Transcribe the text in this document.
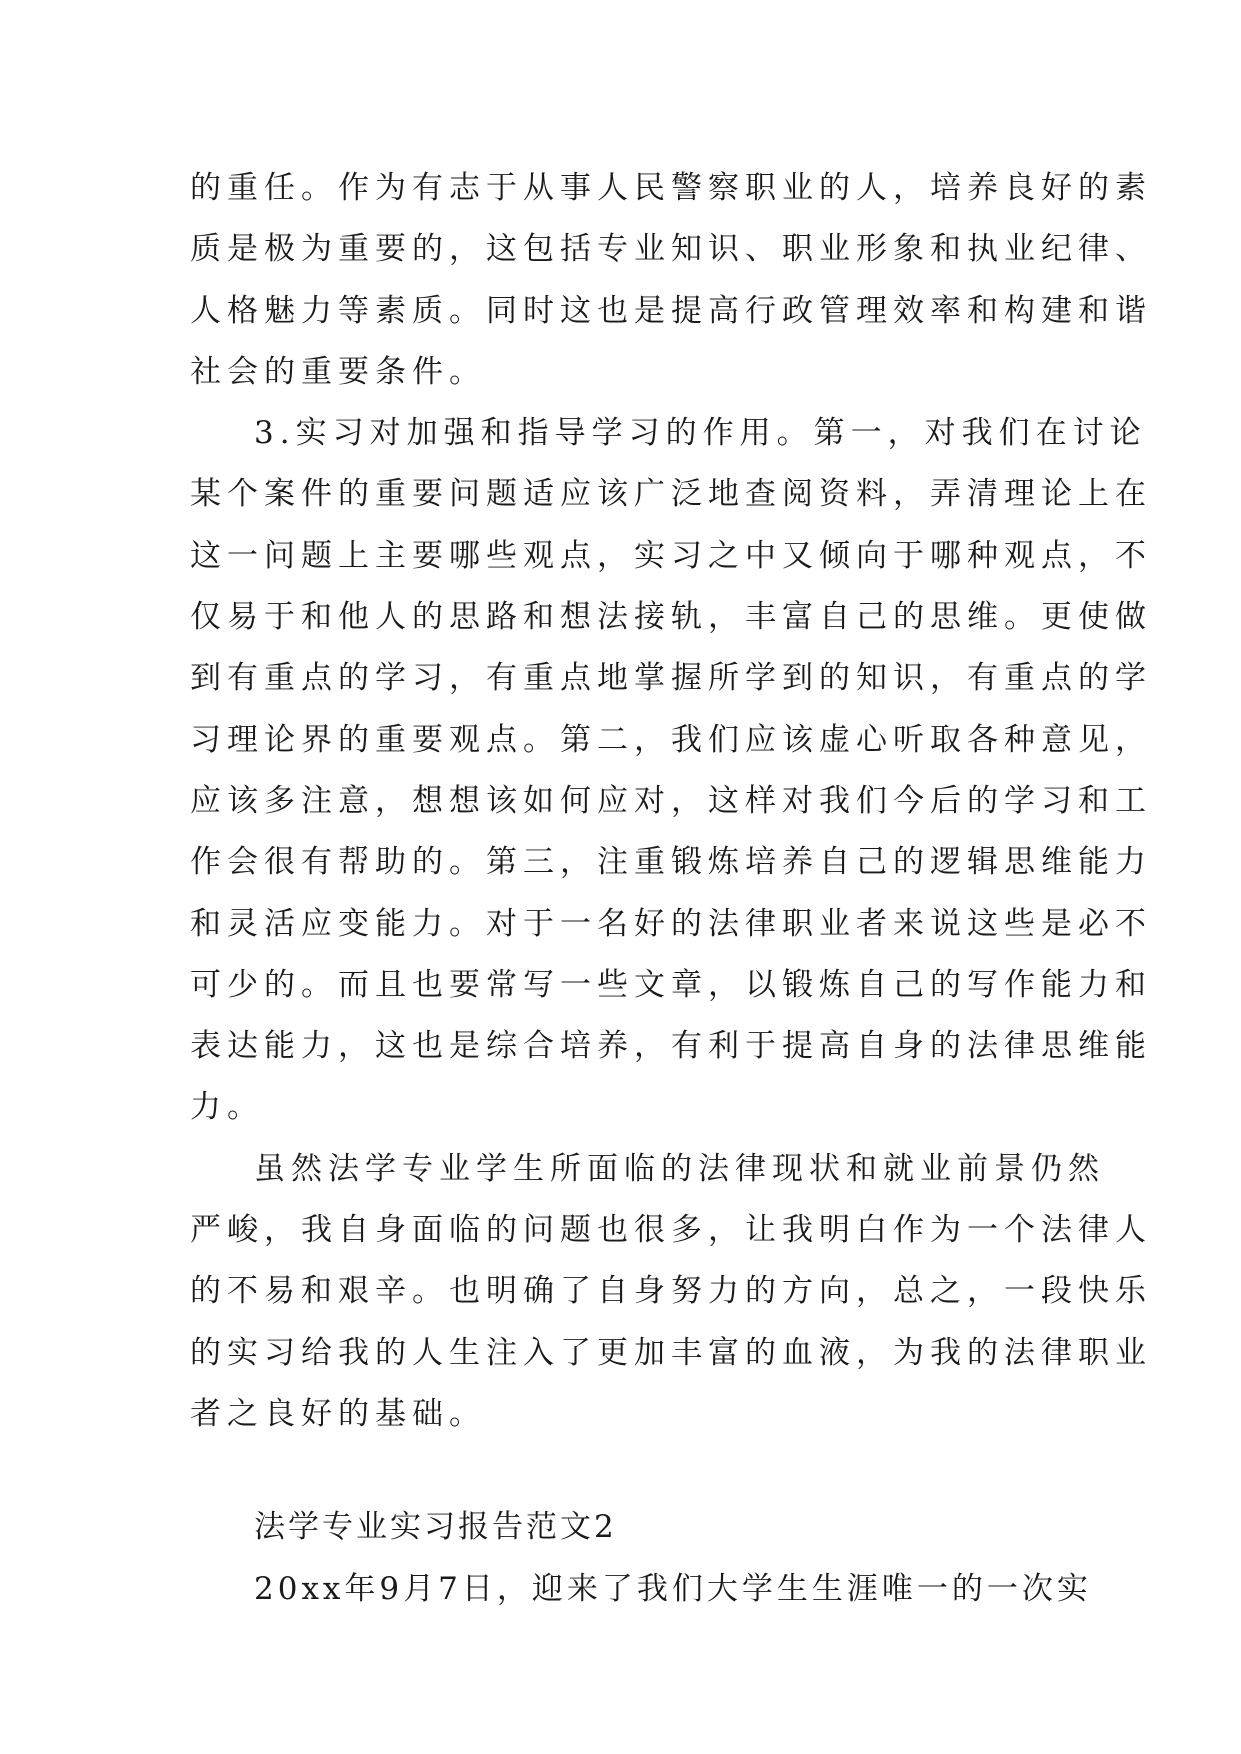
的重任。作为有志于从事人民警察职业的人，培养良好的素
质是极为重要的，这包括专业知识、职业形象和执业纪律、
人格魅力等素质。同时这也是提高行政管理效率和构建和谐
社会的重要条件。
3.实习对加强和指导学习的作用。第一，对我们在讨论
某个案件的重要问题适应该广泛地查阅资料，弄清理论上在
这一问题上主要哪些观点，实习之中又倾向于哪种观点，不
仅易于和他人的思路和想法接轨，丰富自己的思维。更使做
到有重点的学习，有重点地掌握所学到的知识，有重点的学
习理论界的重要观点。第二，我们应该虚心听取各种意见，
应该多注意，想想该如何应对，这样对我们今后的学习和工
作会很有帮助的。第三，注重锻炼培养自己的逻辑思维能力
和灵活应变能力。对于一名好的法律职业者来说这些是必不
可少的。而且也要常写一些文章，以锻炼自己的写作能力和
表达能力，这也是综合培养，有利于提高自身的法律思维能
力。
虽然法学专业学生所面临的法律现状和就业前景仍然
严峻，我自身面临的问题也很多，让我明白作为一个法律人
的不易和艰辛。也明确了自身努力的方向，总之，一段快乐
的实习给我的人生注入了更加丰富的血液，为我的法律职业
者之良好的基础。
法学专业实习报告范文2
20xx年9月7日，迎来了我们大学生生涯唯一的一次实
